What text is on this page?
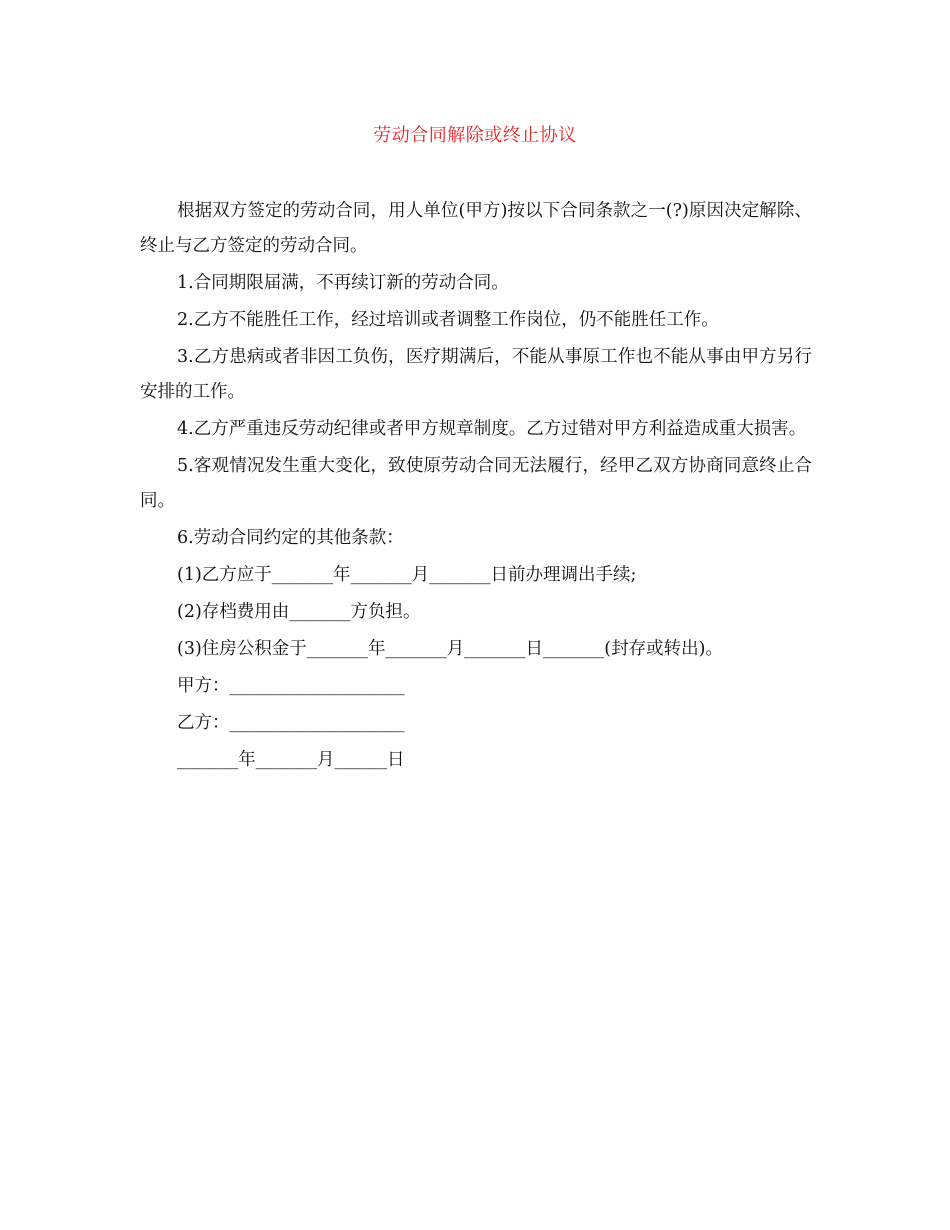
劳动合同解除或终止协议

根据双方签定的劳动合同，用人单位(甲方)按以下合同条款之一(?)原因决定解除、终止与乙方签定的劳动合同。

1.合同期限届满，不再续订新的劳动合同。

2.乙方不能胜任工作，经过培训或者调整工作岗位，仍不能胜任工作。

3.乙方患病或者非因工负伤，医疗期满后，不能从事原工作也不能从事由甲方另行安排的工作。

4.乙方严重违反劳动纪律或者甲方规章制度。乙方过错对甲方利益造成重大损害。

5.客观情况发生重大变化，致使原劳动合同无法履行，经甲乙双方协商同意终止合同。

6.劳动合同约定的其他条款：

(1)乙方应于_______年_______月_______日前办理调出手续;
(2)存档费用由_______方负担。
(3)住房公积金于_______年_______月_______日_______(封存或转出)。
甲方：____________________
乙方：____________________
_______年_______月______日
